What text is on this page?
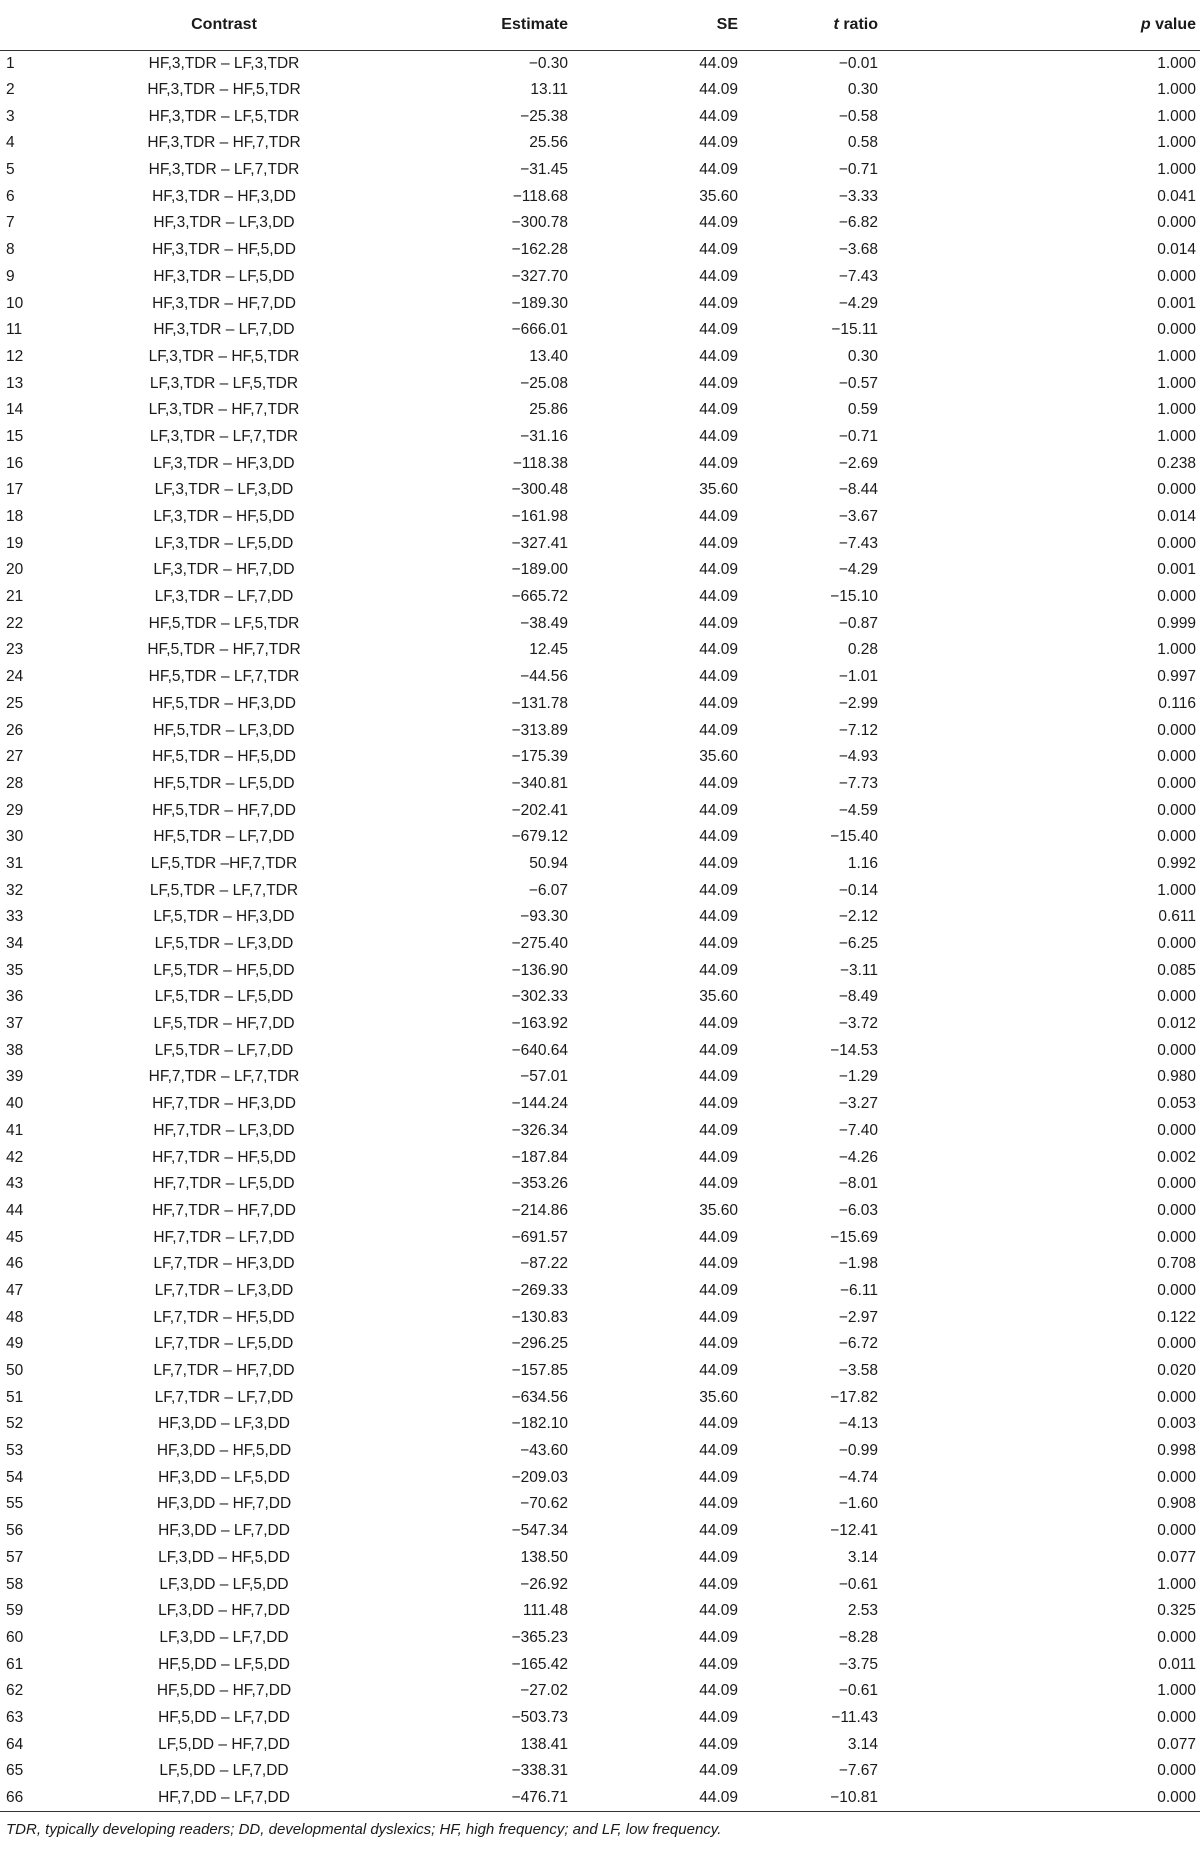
	Contrast	Estimate	SE	t ratio	p value
1	HF,3,TDR – LF,3,TDR	−0.30	44.09	−0.01	1.000
2	HF,3,TDR – HF,5,TDR	13.11	44.09	0.30	1.000
3	HF,3,TDR – LF,5,TDR	−25.38	44.09	−0.58	1.000
4	HF,3,TDR – HF,7,TDR	25.56	44.09	0.58	1.000
5	HF,3,TDR – LF,7,TDR	−31.45	44.09	−0.71	1.000
6	HF,3,TDR – HF,3,DD	−118.68	35.60	−3.33	0.041
7	HF,3,TDR – LF,3,DD	−300.78	44.09	−6.82	0.000
8	HF,3,TDR – HF,5,DD	−162.28	44.09	−3.68	0.014
9	HF,3,TDR – LF,5,DD	−327.70	44.09	−7.43	0.000
10	HF,3,TDR – HF,7,DD	−189.30	44.09	−4.29	0.001
11	HF,3,TDR – LF,7,DD	−666.01	44.09	−15.11	0.000
12	LF,3,TDR – HF,5,TDR	13.40	44.09	0.30	1.000
13	LF,3,TDR – LF,5,TDR	−25.08	44.09	−0.57	1.000
14	LF,3,TDR – HF,7,TDR	25.86	44.09	0.59	1.000
15	LF,3,TDR – LF,7,TDR	−31.16	44.09	−0.71	1.000
16	LF,3,TDR – HF,3,DD	−118.38	44.09	−2.69	0.238
17	LF,3,TDR – LF,3,DD	−300.48	35.60	−8.44	0.000
18	LF,3,TDR – HF,5,DD	−161.98	44.09	−3.67	0.014
19	LF,3,TDR – LF,5,DD	−327.41	44.09	−7.43	0.000
20	LF,3,TDR – HF,7,DD	−189.00	44.09	−4.29	0.001
21	LF,3,TDR – LF,7,DD	−665.72	44.09	−15.10	0.000
22	HF,5,TDR – LF,5,TDR	−38.49	44.09	−0.87	0.999
23	HF,5,TDR – HF,7,TDR	12.45	44.09	0.28	1.000
24	HF,5,TDR – LF,7,TDR	−44.56	44.09	−1.01	0.997
25	HF,5,TDR – HF,3,DD	−131.78	44.09	−2.99	0.116
26	HF,5,TDR – LF,3,DD	−313.89	44.09	−7.12	0.000
27	HF,5,TDR – HF,5,DD	−175.39	35.60	−4.93	0.000
28	HF,5,TDR – LF,5,DD	−340.81	44.09	−7.73	0.000
29	HF,5,TDR – HF,7,DD	−202.41	44.09	−4.59	0.000
30	HF,5,TDR – LF,7,DD	−679.12	44.09	−15.40	0.000
31	LF,5,TDR –HF,7,TDR	50.94	44.09	1.16	0.992
32	LF,5,TDR – LF,7,TDR	−6.07	44.09	−0.14	1.000
33	LF,5,TDR – HF,3,DD	−93.30	44.09	−2.12	0.611
34	LF,5,TDR – LF,3,DD	−275.40	44.09	−6.25	0.000
35	LF,5,TDR – HF,5,DD	−136.90	44.09	−3.11	0.085
36	LF,5,TDR – LF,5,DD	−302.33	35.60	−8.49	0.000
37	LF,5,TDR – HF,7,DD	−163.92	44.09	−3.72	0.012
38	LF,5,TDR – LF,7,DD	−640.64	44.09	−14.53	0.000
39	HF,7,TDR – LF,7,TDR	−57.01	44.09	−1.29	0.980
40	HF,7,TDR – HF,3,DD	−144.24	44.09	−3.27	0.053
41	HF,7,TDR – LF,3,DD	−326.34	44.09	−7.40	0.000
42	HF,7,TDR – HF,5,DD	−187.84	44.09	−4.26	0.002
43	HF,7,TDR – LF,5,DD	−353.26	44.09	−8.01	0.000
44	HF,7,TDR – HF,7,DD	−214.86	35.60	−6.03	0.000
45	HF,7,TDR – LF,7,DD	−691.57	44.09	−15.69	0.000
46	LF,7,TDR – HF,3,DD	−87.22	44.09	−1.98	0.708
47	LF,7,TDR – LF,3,DD	−269.33	44.09	−6.11	0.000
48	LF,7,TDR – HF,5,DD	−130.83	44.09	−2.97	0.122
49	LF,7,TDR – LF,5,DD	−296.25	44.09	−6.72	0.000
50	LF,7,TDR – HF,7,DD	−157.85	44.09	−3.58	0.020
51	LF,7,TDR – LF,7,DD	−634.56	35.60	−17.82	0.000
52	HF,3,DD – LF,3,DD	−182.10	44.09	−4.13	0.003
53	HF,3,DD – HF,5,DD	−43.60	44.09	−0.99	0.998
54	HF,3,DD – LF,5,DD	−209.03	44.09	−4.74	0.000
55	HF,3,DD – HF,7,DD	−70.62	44.09	−1.60	0.908
56	HF,3,DD – LF,7,DD	−547.34	44.09	−12.41	0.000
57	LF,3,DD – HF,5,DD	138.50	44.09	3.14	0.077
58	LF,3,DD – LF,5,DD	−26.92	44.09	−0.61	1.000
59	LF,3,DD – HF,7,DD	111.48	44.09	2.53	0.325
60	LF,3,DD – LF,7,DD	−365.23	44.09	−8.28	0.000
61	HF,5,DD – LF,5,DD	−165.42	44.09	−3.75	0.011
62	HF,5,DD – HF,7,DD	−27.02	44.09	−0.61	1.000
63	HF,5,DD – LF,7,DD	−503.73	44.09	−11.43	0.000
64	LF,5,DD – HF,7,DD	138.41	44.09	3.14	0.077
65	LF,5,DD – LF,7,DD	−338.31	44.09	−7.67	0.000
66	HF,7,DD – LF,7,DD	−476.71	44.09	−10.81	0.000
TDR, typically developing readers; DD, developmental dyslexics; HF, high frequency; and LF, low frequency.
